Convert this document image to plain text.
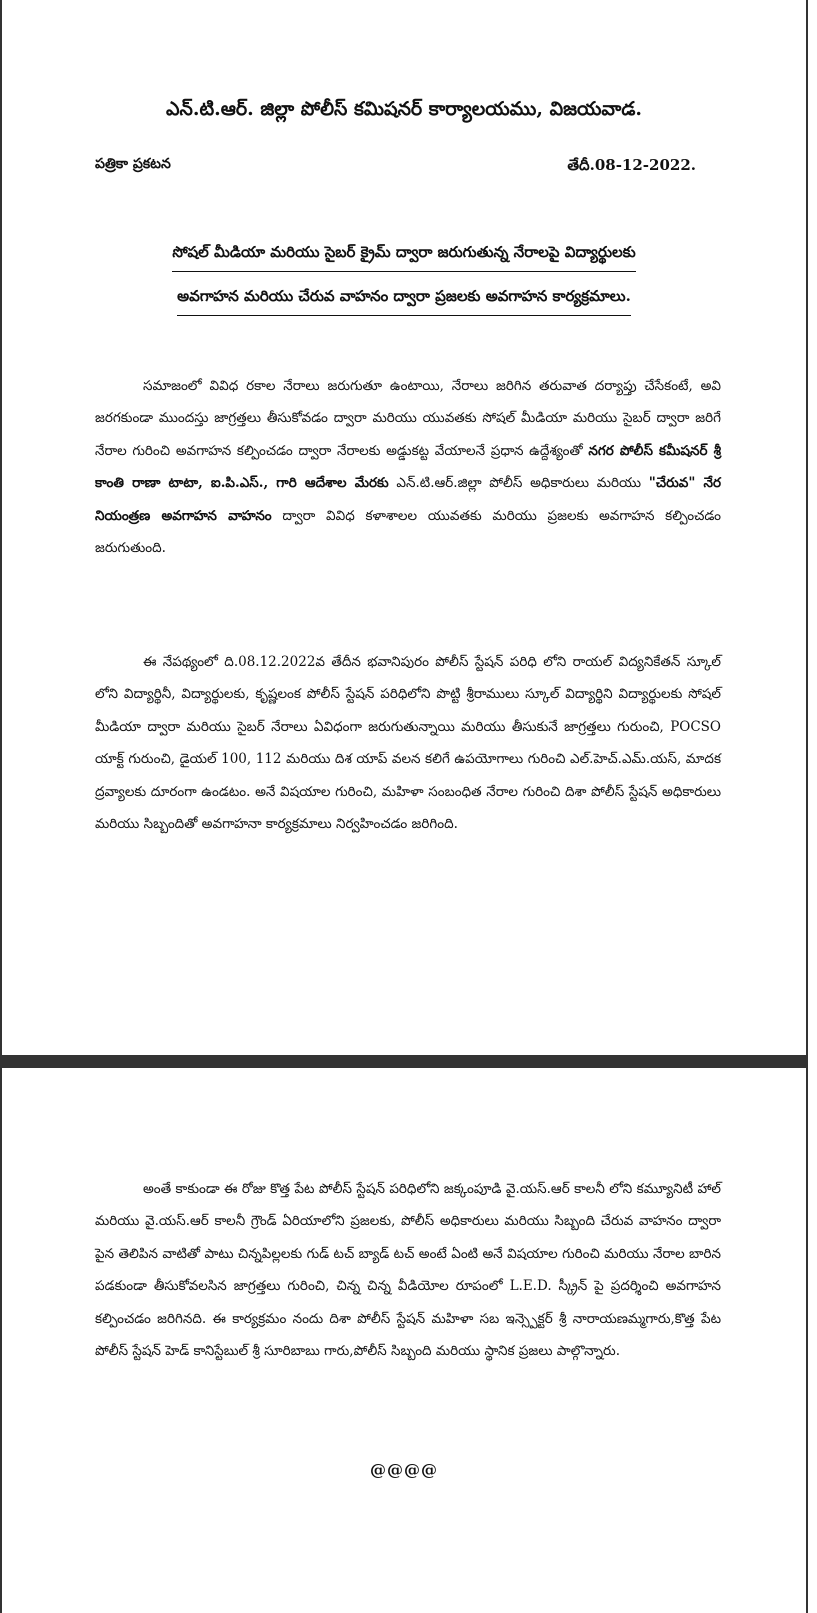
ఎన్.టి.ఆర్. జిల్లా పోలీస్ కమిషనర్ కార్యాలయము, విజయవాడ.
పత్రికా ప్రకటన	తేదీ.08-12-2022.
సోషల్ మీడియా మరియు సైబర్ క్రైమ్ ద్వారా జరుగుతున్న నేరాలపై విద్యార్థులకు
అవగాహన మరియు చేరువ వాహనం ద్వారా ప్రజలకు అవగాహన కార్యక్రమాలు.

సమాజంలో వివిధ రకాల నేరాలు జరుగుతూ ఉంటాయి, నేరాలు జరిగిన తరువాత దర్యాప్తు చేసేకంటే, అవి జరగకుండా ముందస్తు జాగ్రత్తలు తీసుకోవడం ద్వారా మరియు యువతకు సోషల్ మీడియా మరియు సైబర్ ద్వారా జరిగే నేరాల గురించి అవగాహన కల్పించడం ద్వారా నేరాలకు అడ్డుకట్ట వేయాలనే ప్రధాన ఉద్దేశ్యంతో నగర పోలీస్ కమీషనర్ శ్రీ కాంతి రాణా టాటా, ఐ.పి.ఎస్., గారి ఆదేశాల మేరకు ఎన్.టి.ఆర్.జిల్లా పోలీస్ అధికారులు మరియు "చేరువ" నేర నియంత్రణ అవగాహన వాహనం ద్వారా వివిధ కళాశాలల యువతకు మరియు ప్రజలకు అవగాహన కల్పించడం జరుగుతుంది.

ఈ నేపథ్యంలో ది.08.12.2022వ తేదీన భవానిపురం పోలీస్ స్టేషన్ పరిధి లోని రాయల్ విద్యనికేతన్ స్కూల్ లోని విద్యార్థినీ, విద్యార్థులకు, కృష్ణలంక పోలీస్ స్టేషన్ పరిధిలోని పొట్టి శ్రీరాములు స్కూల్ విద్యార్థిని విద్యార్థులకు సోషల్ మీడియా ద్వారా మరియు సైబర్ నేరాలు ఏవిధంగా జరుగుతున్నాయి మరియు తీసుకునే జాగ్రత్తలు గురుంచి, POCSO యాక్ట్ గురుంచి, డైయల్ 100, 112 మరియు దిశ యాప్ వలన కలిగే ఉపయోగాలు గురించి ఎల్.హెచ్.ఎమ్.యస్, మాదక ద్రవ్యాలకు దూరంగా ఉండటం. అనే విషయాల గురించి, మహిళా సంబంధిత నేరాల గురించి దిశా పోలీస్ స్టేషన్ అధికారులు మరియు సిబ్బందితో అవగాహనా కార్యక్రమాలు నిర్వహించడం జరిగింది.

అంతే కాకుండా ఈ రోజు కొత్త పేట పోలీస్ స్టేషన్ పరిధిలోని జక్కంపూడి వై.యస్.ఆర్ కాలనీ లోని కమ్యూనిటీ హాల్ మరియు వై.యస్.ఆర్ కాలనీ గ్రౌండ్ ఏరియాలోని ప్రజలకు, పోలీస్ అధికారులు మరియు సిబ్బంది చేరువ వాహనం ద్వారా పైన తెలిపిన వాటితో పాటు చిన్నపిల్లలకు గుడ్ టచ్ బ్యాడ్ టచ్ అంటే ఏంటి అనే విషయాల గురించి మరియు నేరాల బారిన పడకుండా తీసుకోవలసిన జాగ్రత్తలు గురించి, చిన్న చిన్న వీడియోల రూపంలో L.E.D. స్క్రీన్ పై ప్రదర్శించి అవగాహన కల్పించడం జరిగినది. ఈ కార్యక్రమం నందు దిశా పోలీస్ స్టేషన్ మహిళా సబ ఇన్స్పెక్టర్ శ్రీ నారాయణమ్మగారు,కొత్త పేట పోలీస్ స్టేషన్ హెడ్ కానిస్టేబుల్ శ్రీ సూరిబాబు గారు,పోలీస్ సిబ్బంది మరియు స్థానిక ప్రజలు పాల్గొన్నారు.

@@@@
